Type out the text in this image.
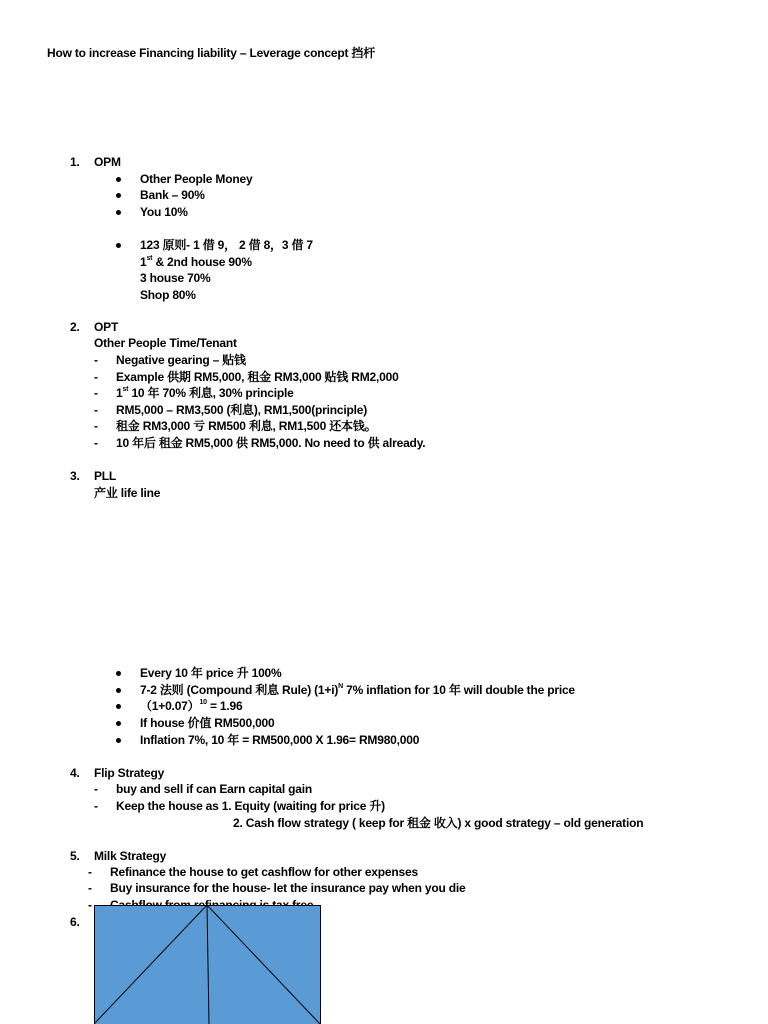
How to increase Financing liability – Leverage concept 挡杆
1. OPM
Other People Money
Bank – 90%
You 10%
123 原则- 1 借 9， 2 借 8，3 借 7
1st & 2nd house 90%
3 house 70%
Shop 80%
2. OPT
Other People Time/Tenant
- Negative gearing – 贴钱
- Example 供期 RM5,000, 租金 RM3,000 贴钱 RM2,000
- 1st 10 年 70% 利息, 30% principle
- RM5,000 – RM3,500 (利息), RM1,500(principle)
- 租金 RM3,000 亏 RM500 利息, RM1,500 还本钱。
- 10 年后 租金 RM5,000 供 RM5,000. No need to 供 already.
3. PLL
产业 life line
Every 10 年 price 升 100%
7-2 法则 (Compound 利息 Rule) $(1+i)^N$ 7% inflation for 10 年 will double the price
$(1+0.07)^{10} = 1.96$
If house 价值 RM500,000
Inflation 7%, 10 年 = RM500,000 X 1.96= RM980,000
4. Flip Strategy
- buy and sell if can Earn capital gain
- Keep the house as 1. Equity (waiting for price 升)
2. Cash flow strategy ( keep for 租金 收入) x good strategy – old generation
5. Milk Strategy
- Refinance the house to get cashflow for other expenses
- Buy insurance for the house- let the insurance pay when you die
-
6.
